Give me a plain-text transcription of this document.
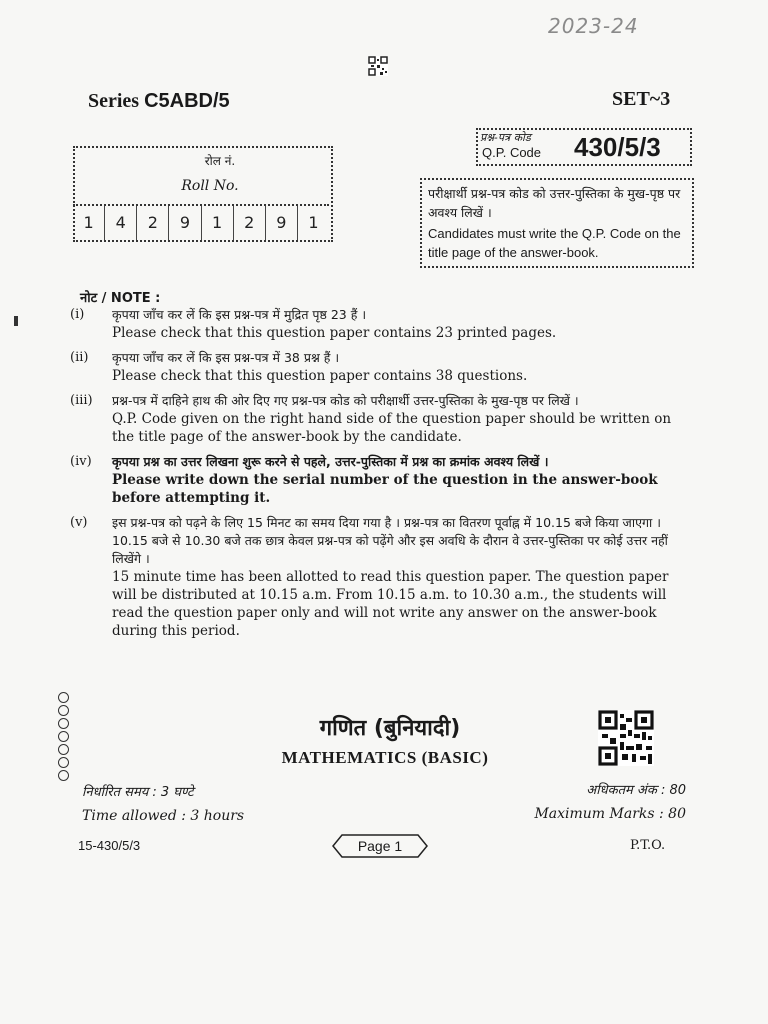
2023-24
Series C5ABD/5	SET~3
प्रश्न-पत्र कोड
Q.P. Code 430/5/3
रोल नं.
Roll No.
1	4	2	9	1	2	9	1
परीक्षार्थी प्रश्न-पत्र कोड को उत्तर-पुस्तिका के मुख-पृष्ठ पर अवश्य लिखें ।
Candidates must write the Q.P. Code on the title page of the answer-book.
नोट / NOTE :
(i)	कृपया जाँच कर लें कि इस प्रश्न-पत्र में मुद्रित पृष्ठ 23 हैं ।
Please check that this question paper contains 23 printed pages.
(ii)	कृपया जाँच कर लें कि इस प्रश्न-पत्र में 38 प्रश्न हैं ।
Please check that this question paper contains 38 questions.
(iii)	प्रश्न-पत्र में दाहिने हाथ की ओर दिए गए प्रश्न-पत्र कोड को परीक्षार्थी उत्तर-पुस्तिका के मुख-पृष्ठ पर लिखें ।
Q.P. Code given on the right hand side of the question paper should be written on the title page of the answer-book by the candidate.
(iv)	कृपया प्रश्न का उत्तर लिखना शुरू करने से पहले, उत्तर-पुस्तिका में प्रश्न का क्रमांक अवश्य लिखें ।
Please write down the serial number of the question in the answer-book before attempting it.
(v)	इस प्रश्न-पत्र को पढ़ने के लिए 15 मिनट का समय दिया गया है । प्रश्न-पत्र का वितरण पूर्वाह्न में 10.15 बजे किया जाएगा । 10.15 बजे से 10.30 बजे तक छात्र केवल प्रश्न-पत्र को पढ़ेंगे और इस अवधि के दौरान वे उत्तर-पुस्तिका पर कोई उत्तर नहीं लिखेंगे ।
15 minute time has been allotted to read this question paper. The question paper will be distributed at 10.15 a.m. From 10.15 a.m. to 10.30 a.m., the students will read the question paper only and will not write any answer on the answer-book during this period.
गणित (बुनियादी)
MATHEMATICS (BASIC)
निर्धारित समय : 3 घण्टे
Time allowed : 3 hours
अधिकतम अंक : 80
Maximum Marks : 80
15-430/5/3	Page 1	P.T.O.
